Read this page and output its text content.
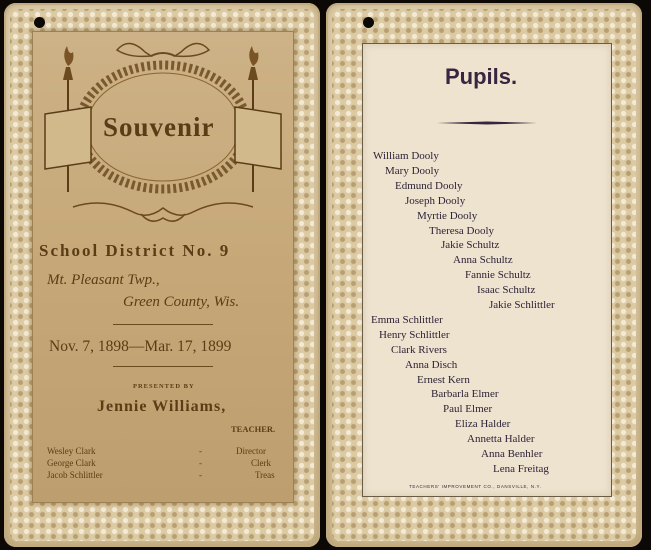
Souvenir
School District No. 9
Mt. Pleasant Twp.,
Green County, Wis.
Nov. 7, 1898—Mar. 17, 1899
PRESENTED BY
Jennie Williams,
TEACHER.
Wesley Clark	-	Director
George Clark	-	Clerk
Jacob Schlittler	-	Treas
Pupils.
William Dooly
Mary Dooly
Edmund Dooly
Joseph Dooly
Myrtie Dooly
Theresa Dooly
Jakie Schultz
Anna Schultz
Fannie Schultz
Isaac Schultz
Jakie Schlittler
Emma Schlittler
Henry Schlittler
Clark Rivers
Anna Disch
Ernest Kern
Barbarla Elmer
Paul Elmer
Eliza Halder
Annetta Halder
Anna Benhler
Lena Freitag
TEACHERS' IMPROVEMENT CO., DANSVILLE, N.Y.
